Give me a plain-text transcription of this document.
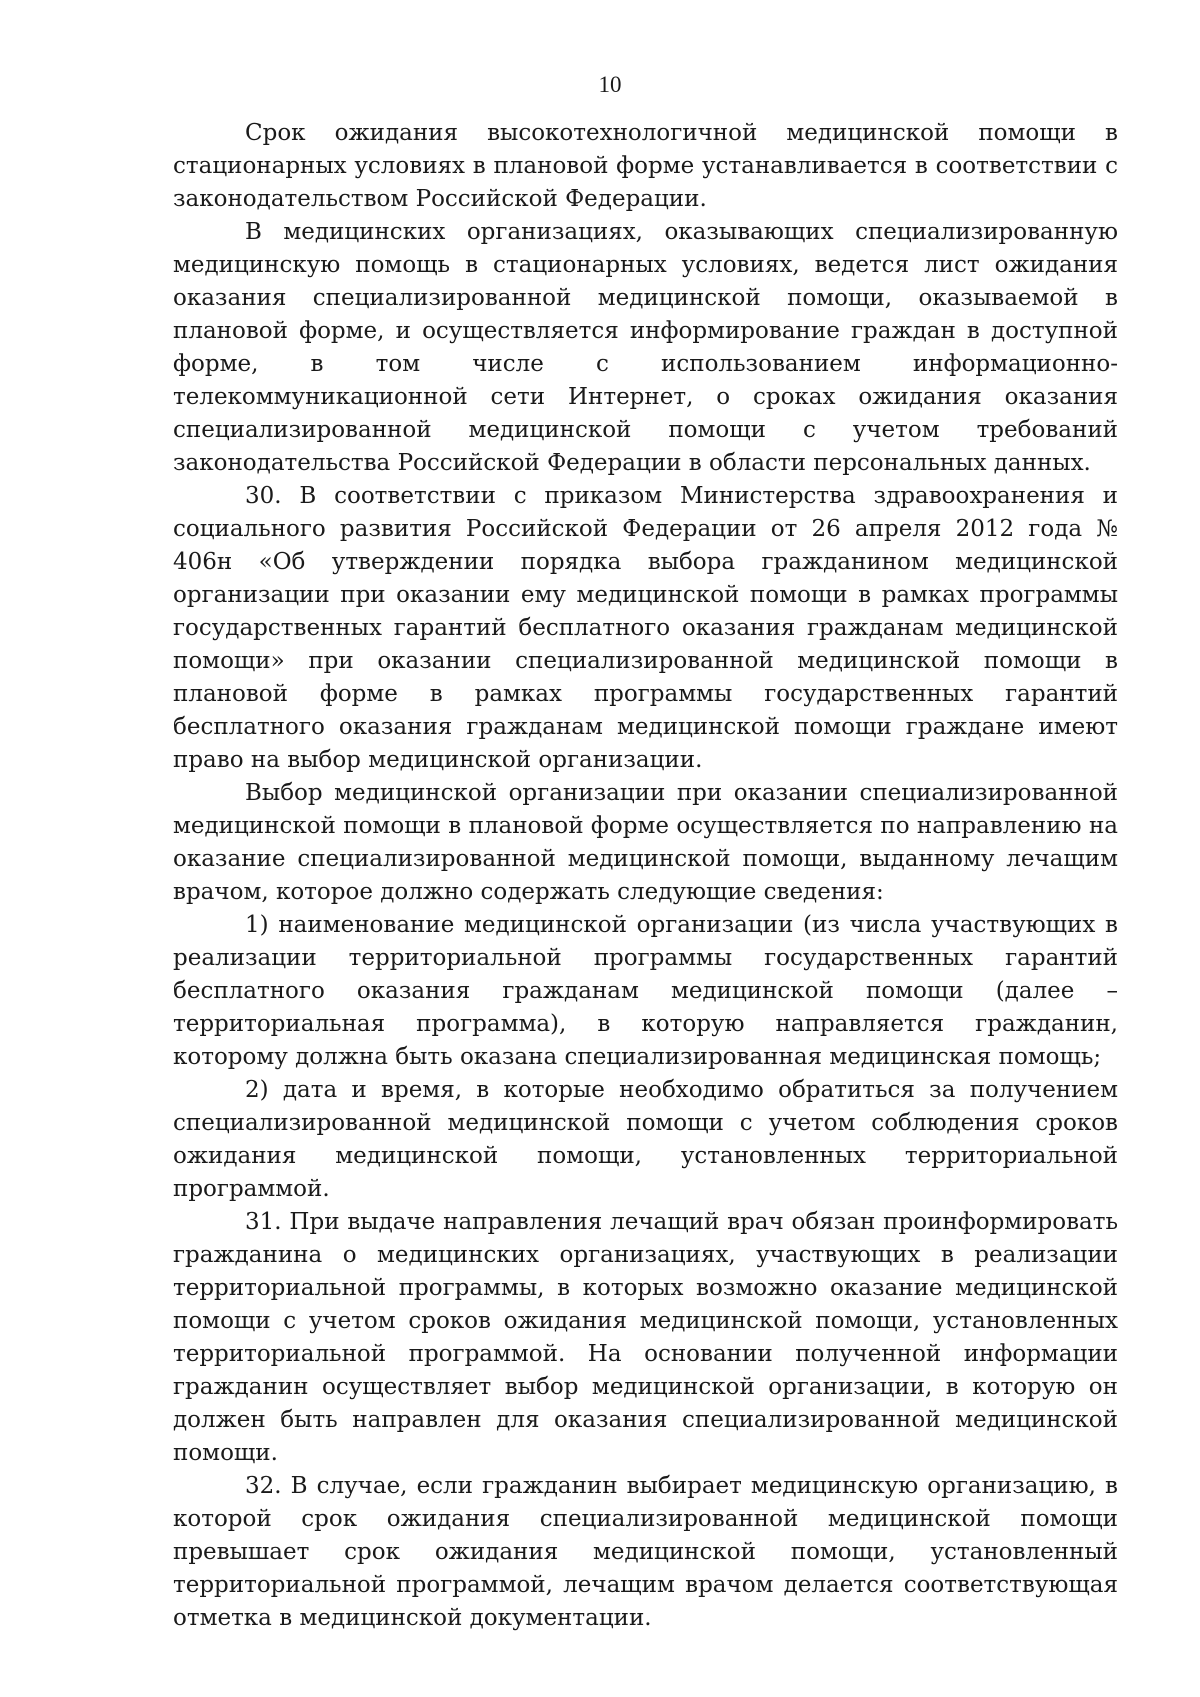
10

Срок ожидания высокотехнологичной медицинской помощи в стационарных условиях в плановой форме устанавливается в соответствии с законодательством Российской Федерации.

В медицинских организациях, оказывающих специализированную медицинскую помощь в стационарных условиях, ведется лист ожидания оказания специализированной медицинской помощи, оказываемой в плановой форме, и осуществляется информирование граждан в доступной форме, в том числе с использованием информационно-телекоммуникационной сети Интернет, о сроках ожидания оказания специализированной медицинской помощи с учетом требований законодательства Российской Федерации в области персональных данных.

30. В соответствии с приказом Министерства здравоохранения и социального развития Российской Федерации от 26 апреля 2012 года № 406н «Об утверждении порядка выбора гражданином медицинской организации при оказании ему медицинской помощи в рамках программы государственных гарантий бесплатного оказания гражданам медицинской помощи» при оказании специализированной медицинской помощи в плановой форме в рамках программы государственных гарантий бесплатного оказания гражданам медицинской помощи граждане имеют право на выбор медицинской организации.

Выбор медицинской организации при оказании специализированной медицинской помощи в плановой форме осуществляется по направлению на оказание специализированной медицинской помощи, выданному лечащим врачом, которое должно содержать следующие сведения:

1) наименование медицинской организации (из числа участвующих в реализации территориальной программы государственных гарантий бесплатного оказания гражданам медицинской помощи (далее – территориальная программа), в которую направляется гражданин, которому должна быть оказана специализированная медицинская помощь;

2) дата и время, в которые необходимо обратиться за получением специализированной медицинской помощи с учетом соблюдения сроков ожидания медицинской помощи, установленных территориальной программой.

31. При выдаче направления лечащий врач обязан проинформировать гражданина о медицинских организациях, участвующих в реализации территориальной программы, в которых возможно оказание медицинской помощи с учетом сроков ожидания медицинской помощи, установленных территориальной программой. На основании полученной информации гражданин осуществляет выбор медицинской организации, в которую он должен быть направлен для оказания специализированной медицинской помощи.

32. В случае, если гражданин выбирает медицинскую организацию, в которой срок ожидания специализированной медицинской помощи превышает срок ожидания медицинской помощи, установленный территориальной программой, лечащим врачом делается соответствующая отметка в медицинской документации.
